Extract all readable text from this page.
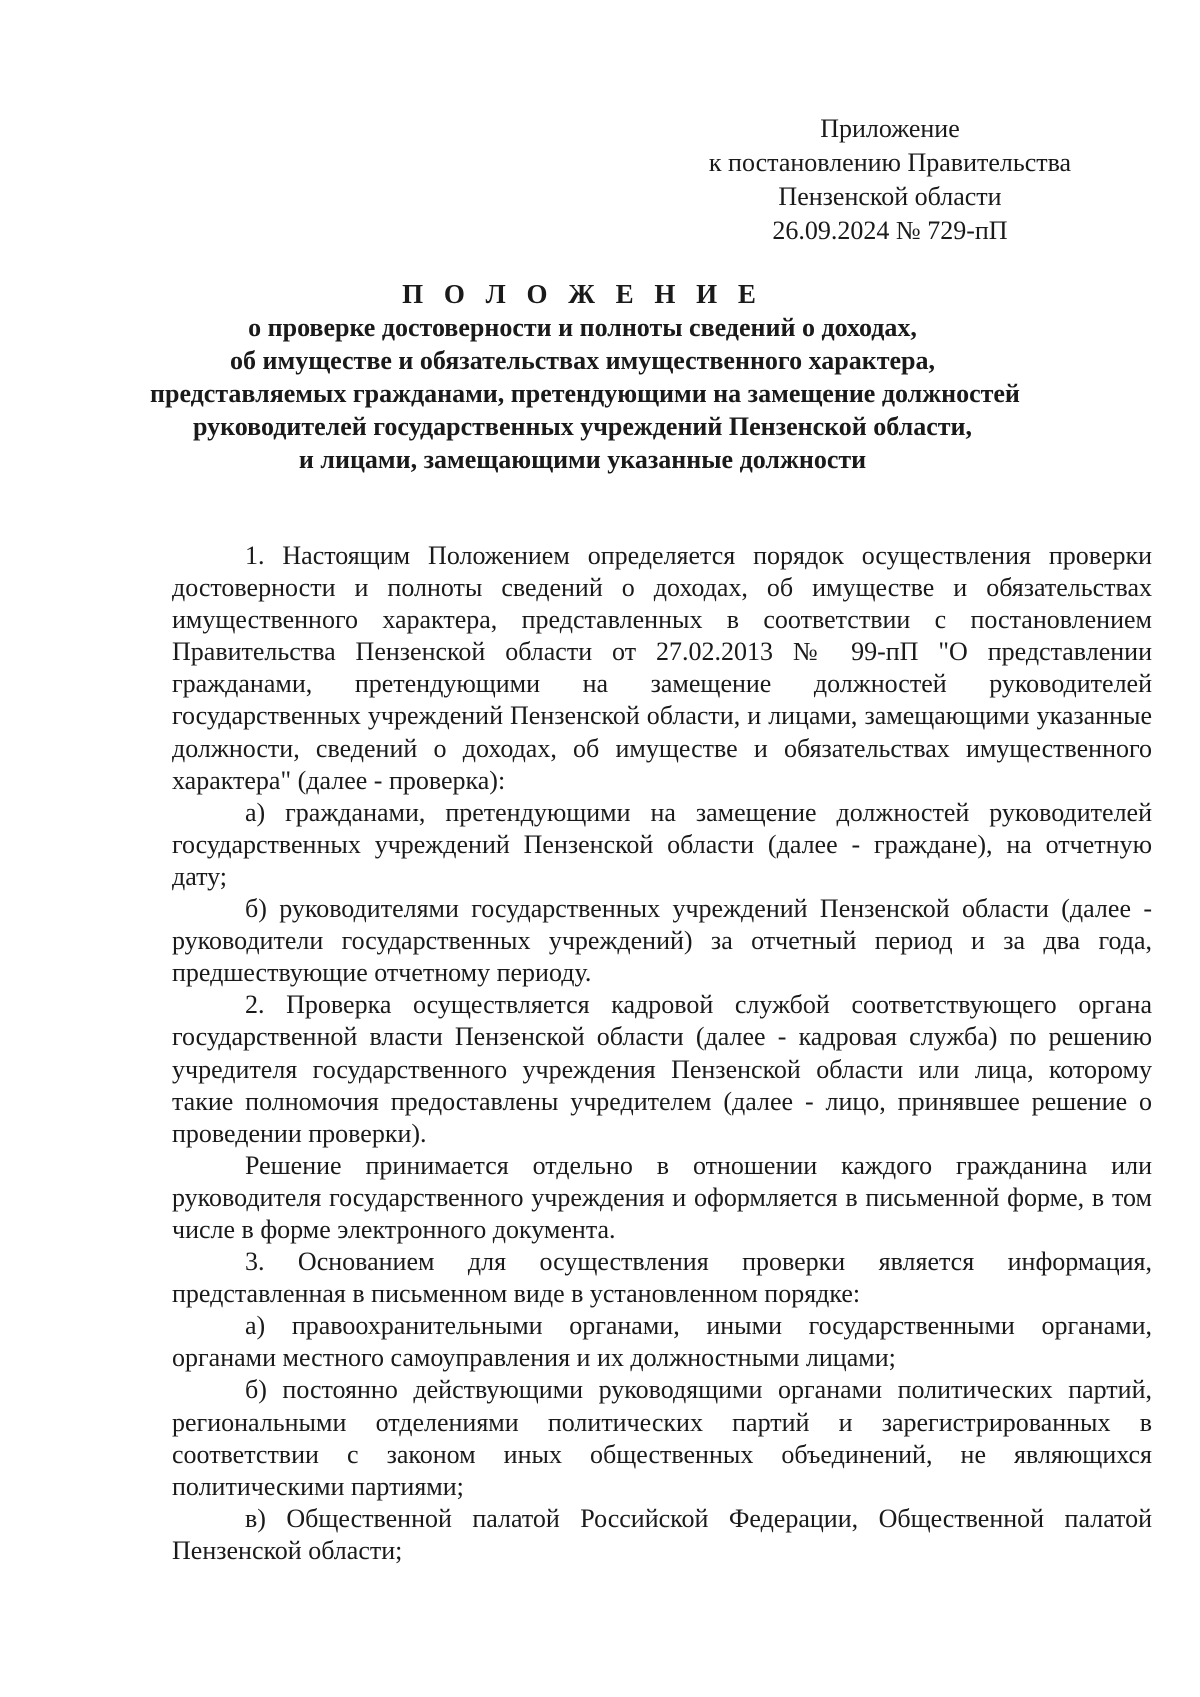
Приложение
к постановлению Правительства
Пензенской области
26.09.2024 № 729-пП
П О Л О Ж Е Н И Е
о проверке достоверности и полноты сведений о доходах,
об имуществе и обязательствах имущественного характера,
представляемых гражданами, претендующими на замещение должностей
руководителей государственных учреждений Пензенской области,
и лицами, замещающими указанные должности

1. Настоящим Положением определяется порядок осуществления проверки достоверности и полноты сведений о доходах, об имуществе и обязательствах имущественного характера, представленных в соответствии с постановлением Правительства Пензенской области от 27.02.2013 № 99-пП "О представлении гражданами, претендующими на замещение должностей руководителей государственных учреждений Пензенской области, и лицами, замещающими указанные должности, сведений о доходах, об имуществе и обязательствах имущественного характера" (далее - проверка):

а) гражданами, претендующими на замещение должностей руководителей государственных учреждений Пензенской области (далее - граждане), на отчетную дату;

б) руководителями государственных учреждений Пензенской области (далее - руководители государственных учреждений) за отчетный период и за два года, предшествующие отчетному периоду.

2. Проверка осуществляется кадровой службой соответствующего органа государственной власти Пензенской области (далее - кадровая служба) по решению учредителя государственного учреждения Пензенской области или лица, которому такие полномочия предоставлены учредителем (далее - лицо, принявшее решение о проведении проверки).

Решение принимается отдельно в отношении каждого гражданина или руководителя государственного учреждения и оформляется в письменной форме, в том числе в форме электронного документа.

3. Основанием для осуществления проверки является информация, представленная в письменном виде в установленном порядке:

а) правоохранительными органами, иными государственными органами, органами местного самоуправления и их должностными лицами;

б) постоянно действующими руководящими органами политических партий, региональными отделениями политических партий и зарегистрированных в соответствии с законом иных общественных объединений, не являющихся политическими партиями;

в) Общественной палатой Российской Федерации, Общественной палатой Пензенской области;
